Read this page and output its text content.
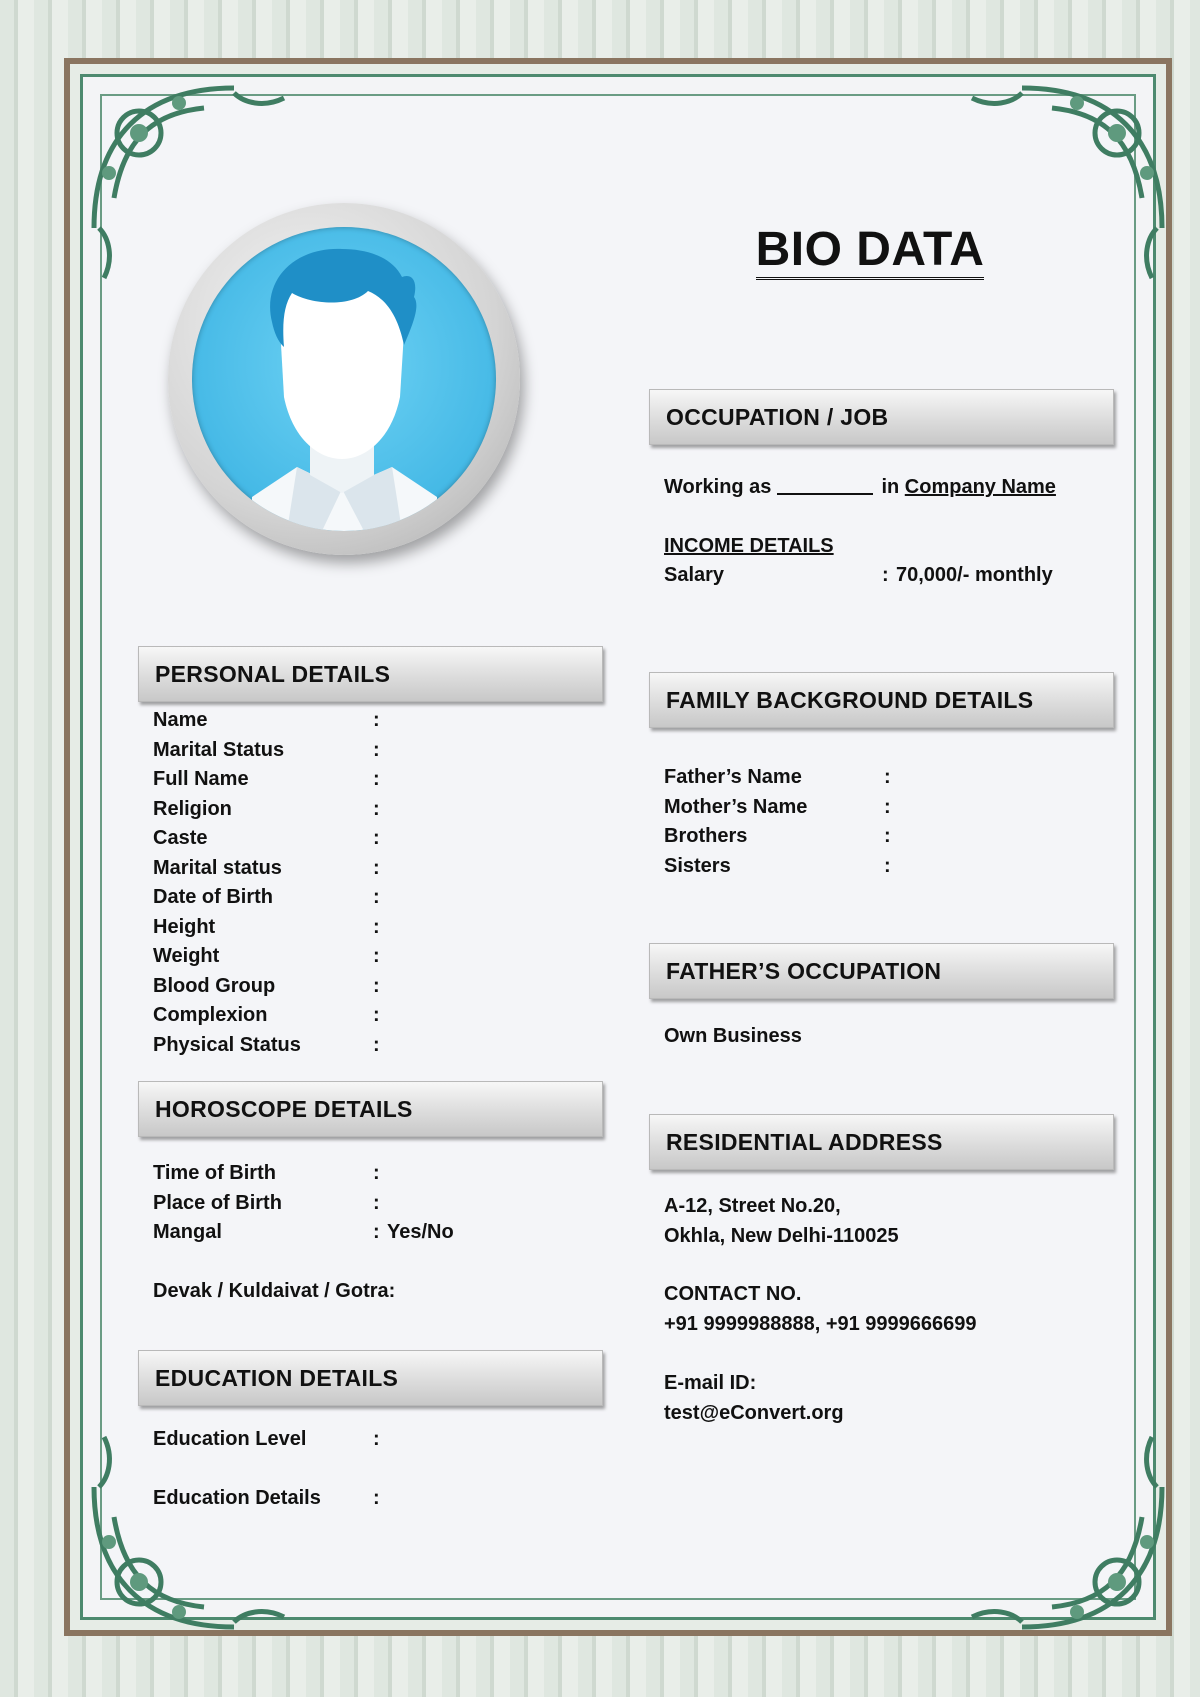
BIO DATA
OCCUPATION / JOB
Working as	in Company Name
INCOME DETAILS
Salary	: 70,000/- monthly
PERSONAL DETAILS
Name	:
Marital Status	:
Full Name	:
Religion	:
Caste	:
Marital status	:
Date of Birth	:
Height	:
Weight	:
Blood Group	:
Complexion	:
Physical Status	:
FAMILY BACKGROUND DETAILS
Father’s Name	:
Mother’s Name	:
Brothers	:
Sisters	:
FATHER’S OCCUPATION
Own Business
HOROSCOPE DETAILS
Time of Birth	:
Place of Birth	:
Mangal	: Yes/No
Devak / Kuldaivat / Gotra:
RESIDENTIAL ADDRESS
A-12, Street No.20,
Okhla, New Delhi-110025
CONTACT NO.
+91 9999988888, +91 9999666699
E-mail ID:
test@eConvert.org
EDUCATION DETAILS
Education Level	:
Education Details	:
